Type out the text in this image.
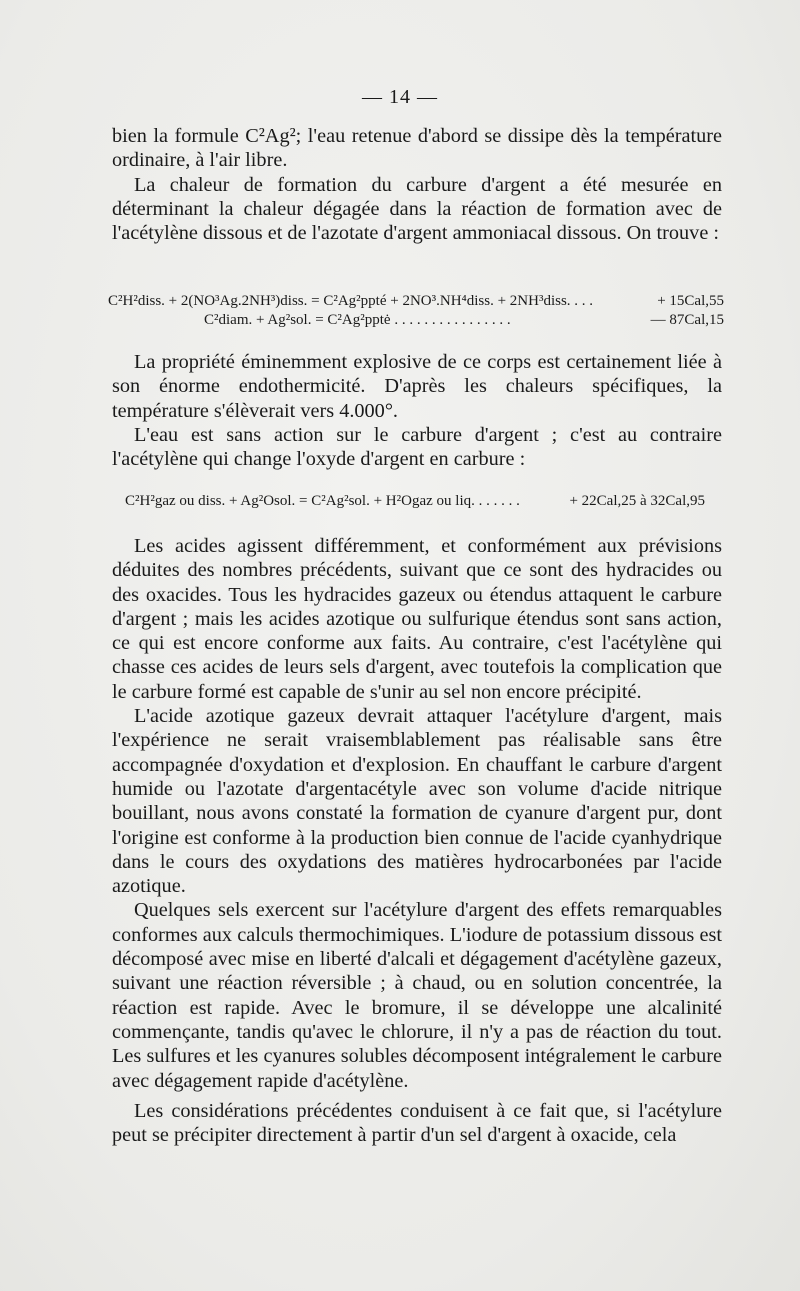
— 14 —

bien la formule C²Ag²; l'eau retenue d'abord se dissipe dès la température ordinaire, à l'air libre.

La chaleur de formation du carbure d'argent a été mesurée en déterminant la chaleur dégagée dans la réaction de formation avec de l'acétylène dissous et de l'azotate d'argent ammoniacal dissous. On trouve :

C²H²diss. + 2(NO³Ag.2NH³)diss. = C²Ag²ppté + 2NO³.NH⁴diss. + 2NH³diss. . . .	+ 15Cal,55
C²diam. + Ag²sol. = C²Ag²pptė . . . . . . . . . . . . . . . .	— 87Cal,15

La propriété éminemment explosive de ce corps est certainement liée à son énorme endothermicité. D'après les chaleurs spécifiques, la température s'élèverait vers 4.000°.

L'eau est sans action sur le carbure d'argent ; c'est au contraire l'acétylène qui change l'oxyde d'argent en carbure :

C²H²gaz ou diss. + Ag²Osol. = C²Ag²sol. + H²Ogaz ou liq. . . . . . .	+ 22Cal,25 à 32Cal,95

Les acides agissent différemment, et conformément aux prévisions déduites des nombres précédents, suivant que ce sont des hydracides ou des oxacides. Tous les hydracides gazeux ou étendus attaquent le carbure d'argent ; mais les acides azotique ou sulfurique étendus sont sans action, ce qui est encore conforme aux faits. Au contraire, c'est l'acétylène qui chasse ces acides de leurs sels d'argent, avec toutefois la complication que le carbure formé est capable de s'unir au sel non encore précipité.

L'acide azotique gazeux devrait attaquer l'acétylure d'argent, mais l'expérience ne serait vraisemblablement pas réalisable sans être accompagnée d'oxydation et d'explosion. En chauffant le carbure d'argent humide ou l'azotate d'argentacétyle avec son volume d'acide nitrique bouillant, nous avons constaté la formation de cyanure d'argent pur, dont l'origine est conforme à la production bien connue de l'acide cyanhydrique dans le cours des oxydations des matières hydrocarbonées par l'acide azotique.

Quelques sels exercent sur l'acétylure d'argent des effets remarquables conformes aux calculs thermochimiques. L'iodure de potassium dissous est décomposé avec mise en liberté d'alcali et dégagement d'acétylène gazeux, suivant une réaction réversible ; à chaud, ou en solution concentrée, la réaction est rapide. Avec le bromure, il se développe une alcalinité commençante, tandis qu'avec le chlorure, il n'y a pas de réaction du tout. Les sulfures et les cyanures solubles décomposent intégralement le carbure avec dégagement rapide d'acétylène.

Les considérations précédentes conduisent à ce fait que, si l'acétylure peut se précipiter directement à partir d'un sel d'argent à oxacide, cela
